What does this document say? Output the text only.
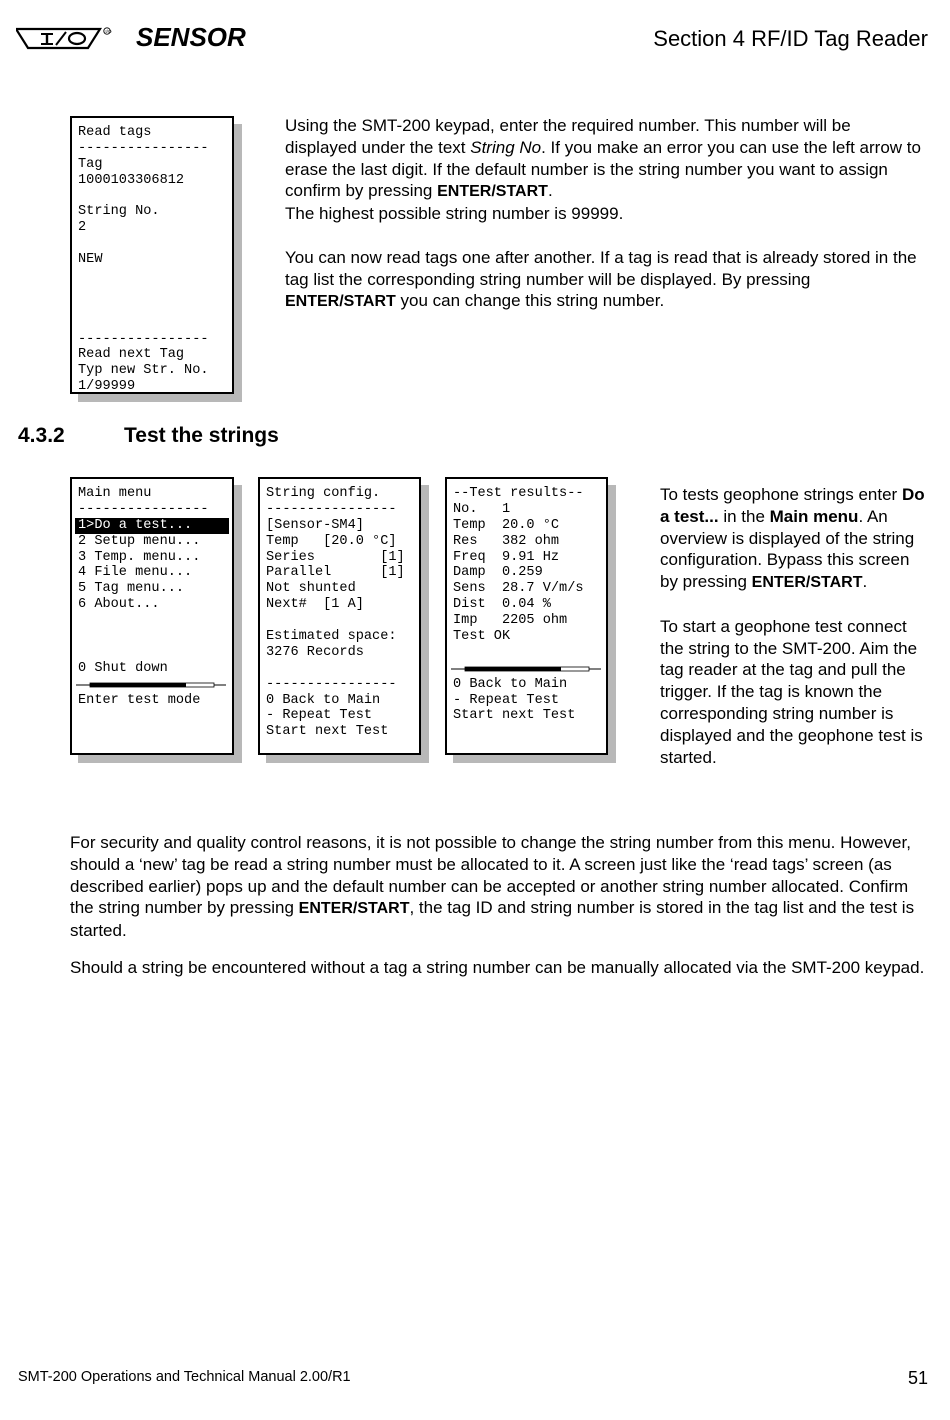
I/O SENSOR	Section 4 RF/ID Tag Reader
Read tags
----------------
Tag
1000103306812

String No.
2

NEW

----------------
Read next Tag
Typ new Str. No.
1/99999

Using the SMT-200 keypad, enter the required number. This number will be displayed under the text String No. If you make an error you can use the left arrow to erase the last digit. If the default number is the string number you want to assign confirm by pressing ENTER/START.

The highest possible string number is 99999.

You can now read tags one after another. If a tag is read that is already stored in the tag list the corresponding string number will be displayed. By pressing ENTER/START you can change this string number.

4.3.2	Test the strings
Main menu
----------------
1>Do a test...
2 Setup menu...
3 Temp. menu...
4 File menu...
5 Tag menu...
6 About...

0 Shut down
Enter test mode
String config.
----------------
[Sensor-SM4]
Temp   [20.0 °C]
Series        [1]
Parallel      [1]
Not shunted
Next#  [1 A]

Estimated space:
3276 Records

----------------
0 Back to Main
- Repeat Test
Start next Test
--Test results--
No.   1
Temp  20.0 °C
Res   382 ohm
Freq  9.91 Hz
Damp  0.259
Sens  28.7 V/m/s
Dist  0.04 %
Imp   2205 ohm
Test OK

0 Back to Main
- Repeat Test
Start next Test

To tests geophone strings enter Do a test... in the Main menu. An overview is displayed of the string configuration. Bypass this screen by pressing ENTER/START.

To start a geophone test connect the string to the SMT-200. Aim the tag reader at the tag and pull the trigger. If the tag is known the corresponding string number is displayed and the geophone test is started.

For security and quality control reasons, it is not possible to change the string number from this menu. However, should a ‘new’ tag be read a string number must be allocated to it. A screen just like the ‘read tags’ screen (as described earlier) pops up and the default number can be accepted or another string number allocated. Confirm the string number by pressing ENTER/START, the tag ID and string number is stored in the tag list and the test is started.

Should a string be encountered without a tag a string number can be manually allocated via the SMT-200 keypad.

SMT-200 Operations and Technical Manual 2.00/R1	51
